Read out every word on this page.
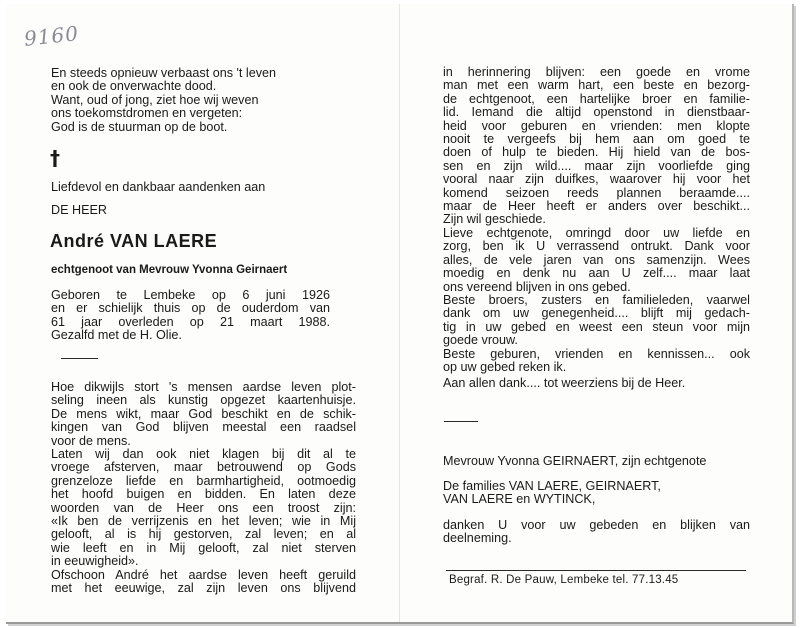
9160
En steeds opnieuw verbaast ons 't leven
en ook de onverwachte dood.
Want, oud of jong, ziet hoe wij weven
ons toekomstdromen en vergeten:
God is de stuurman op de boot.
†
Liefdevol en dankbaar aandenken aan
DE HEER
André VAN LAERE
echtgenoot van Mevrouw Yvonna Geirnaert
Geboren te Lembeke op 6 juni 1926
en er schielijk thuis op de ouderdom van
61 jaar overleden op 21 maart 1988.
Gezalfd met de H. Olie.
Hoe dikwijls stort 's mensen aardse leven plot-
seling ineen als kunstig opgezet kaartenhuisje.
De mens wikt, maar God beschikt en de schik-
kingen van God blijven meestal een raadsel
voor de mens.
Laten wij dan ook niet klagen bij dit al te
vroege afsterven, maar betrouwend op Gods
grenzeloze liefde en barmhartigheid, ootmoedig
het hoofd buigen en bidden. En laten deze
woorden van de Heer ons een troost zijn:
«Ik ben de verrijzenis en het leven; wie in Mij
gelooft, al is hij gestorven, zal leven; en al
wie leeft en in Mij gelooft, zal niet sterven
in eeuwigheid».
Ofschoon André het aardse leven heeft geruild
met het eeuwige, zal zijn leven ons blijvend
in herinnering blijven: een goede en vrome
man met een warm hart, een beste en bezorg-
de echtgenoot, een hartelijke broer en familie-
lid. Iemand die altijd openstond in dienstbaar-
heid voor geburen en vrienden: men klopte
nooit te vergeefs bij hem aan om goed te
doen of hulp te bieden. Hij hield van de bos-
sen en zijn wild.... maar zijn voorliefde ging
vooral naar zijn duifkes, waarover hij voor het
komend seizoen reeds plannen beraamde....
maar de Heer heeft er anders over beschikt...
Zijn wil geschiede.
Lieve echtgenote, omringd door uw liefde en
zorg, ben ik U verrassend ontrukt. Dank voor
alles, de vele jaren van ons samenzijn. Wees
moedig en denk nu aan U zelf.... maar laat
ons vereend blijven in ons gebed.
Beste broers, zusters en familieleden, vaarwel
dank om uw genegenheid.... blijft mij gedach-
tig in uw gebed en weest een steun voor mijn
goede vrouw.
Beste geburen, vrienden en kennissen... ook
op uw gebed reken ik.
Aan allen dank.... tot weerziens bij de Heer.
Mevrouw Yvonna GEIRNAERT, zijn echtgenote
De families VAN LAERE, GEIRNAERT,
VAN LAERE en WYTINCK,
danken U voor uw gebeden en blijken van
deelneming.
Begraf. R. De Pauw, Lembeke tel. 77.13.45
